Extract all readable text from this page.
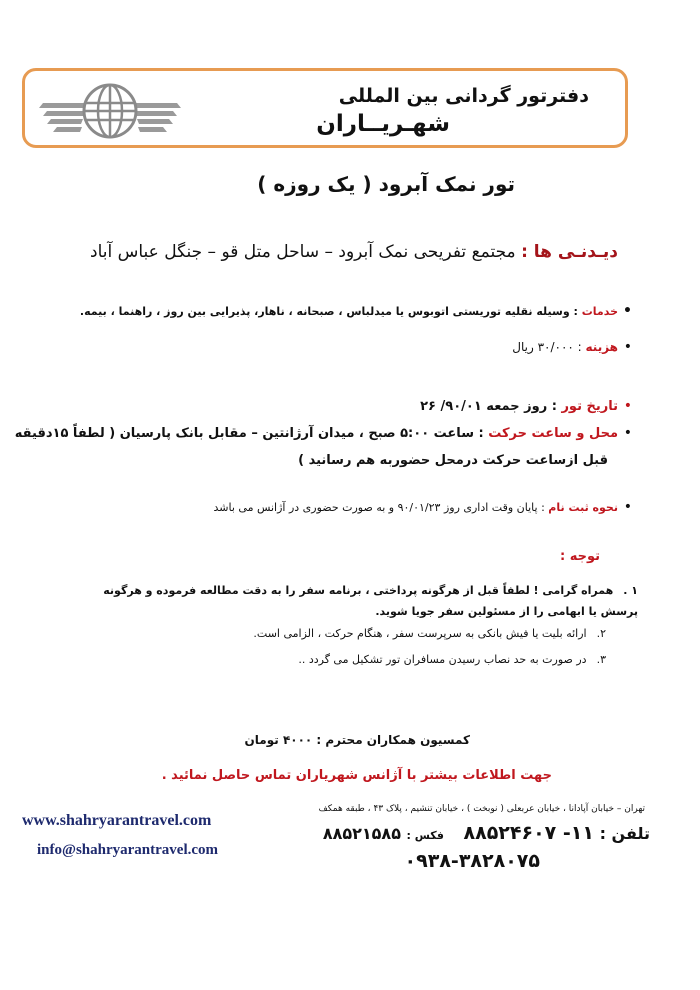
دفترتور گردانی بین المللی
شهـريــاران
تور نمک آبرود ( یک روزه )
دیـدنـی ها : مجتمع تفریحی نمک آبرود – ساحل متل قو – جنگل عباس آباد
•خدمات : وسیله نقلیه توریستی اتوبوس یا میدلباس ، صبحانه ، ناهار، پذیرایی بین روز ، راهنما ، بیمه.
•هزینه : ۳۰/۰۰۰ ریال
•تاریخ تور : روز جمعه ۹۰/۰۱/ ۲۶
•محل و ساعت حرکت : ساعت ۵:۰۰ صبح ، میدان آرژانتین – مقابل بانک پارسیان ( لطفاً ۱۵دقیقه
قبل ازساعت حرکت درمحل حضوربه هم رسانید )
•نحوه ثبت نام : پایان وقت اداری روز ۹۰/۰۱/۲۳ و به صورت حضوری در آژانس می باشد
توجه :
۱ .همراه گرامی ! لطفاً قبل از هرگونه پرداختی ، برنامه سفر را به دقت مطالعه فرموده و هرگونه پرسش یا ابهامی را از مسئولین سفر جویا شوید.
۲.ارائه بلیت یا فیش بانکی به سرپرست سفر ، هنگام حرکت ، الزامی است.
۳.در صورت به حد نصاب رسیدن مسافران تور تشکیل می گردد ..
کمسیون همکاران محترم : ۴۰۰۰ تومان
جهت اطلاعات بیشتر با آژانس شهریاران تماس حاصل نمائید .
تهران – خیابان آپادانا ، خیابان عربعلی ( نوبخت ) ، خیابان تنشیم ، پلاک ۴۳ ، طبقه همکف
تلفن : ۱۱- ۸۸۵۲۴۶۰۷ فکس : ۸۸۵۲۱۵۸۵
۰۹۳۸-۳۸۲۸۰۷۵
www.shahryarantravel.com
info@shahryarantravel.com
